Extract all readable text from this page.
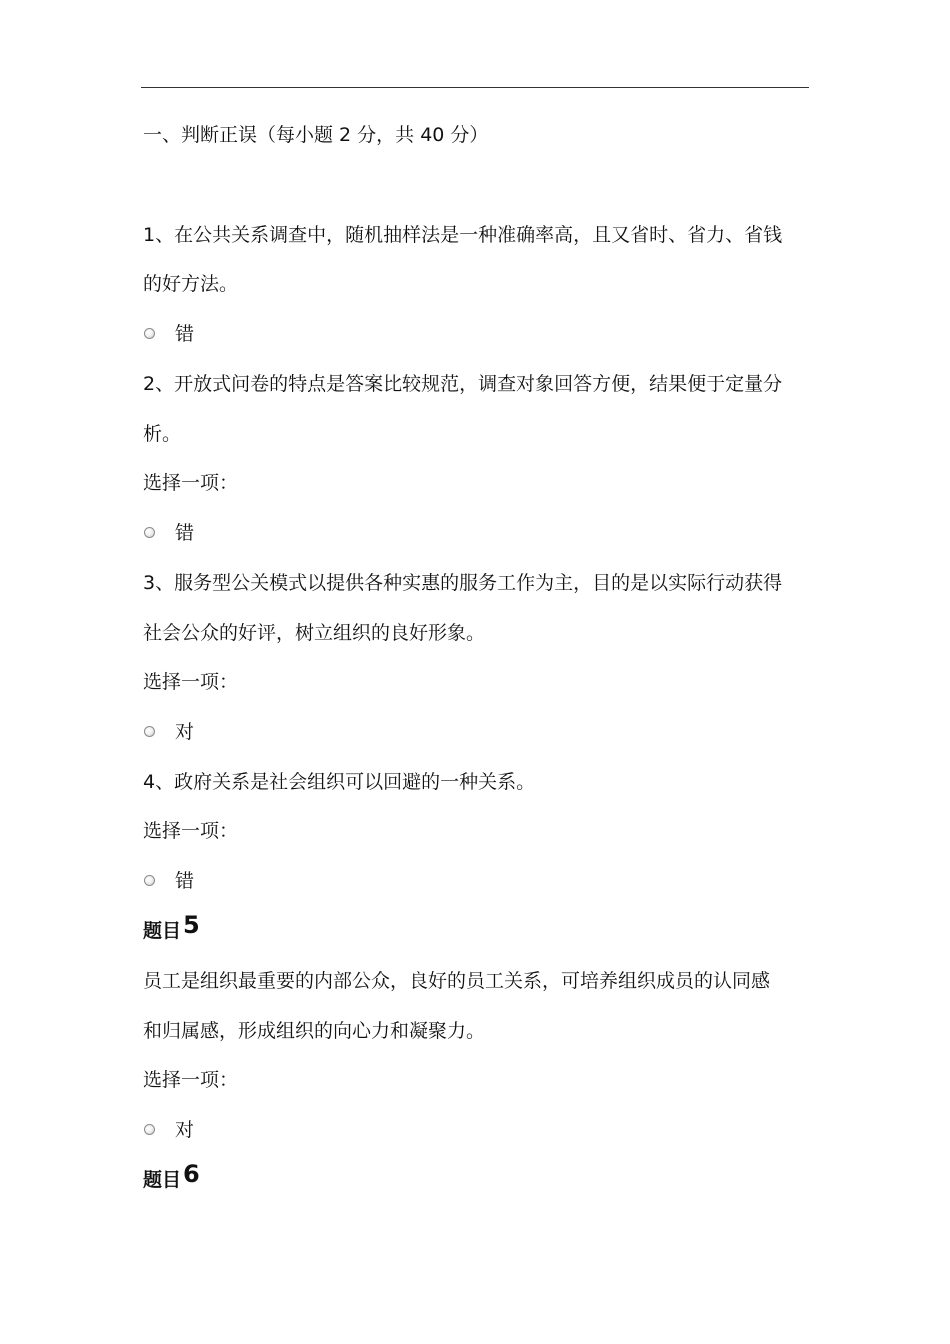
一、判断正误（每小题 2 分，共 40 分）
1、在公共关系调查中，随机抽样法是一种准确率高，且又省时、省力、省钱
的好方法。
错
2、开放式问卷的特点是答案比较规范，调查对象回答方便，结果便于定量分
析。
选择一项：
错
3、服务型公关模式以提供各种实惠的服务工作为主，目的是以实际行动获得
社会公众的好评，树立组织的良好形象。
选择一项：
对
4、政府关系是社会组织可以回避的一种关系。
选择一项：
错
题目5
员工是组织最重要的内部公众，良好的员工关系，可培养组织成员的认同感
和归属感，形成组织的向心力和凝聚力。
选择一项：
对
题目6
